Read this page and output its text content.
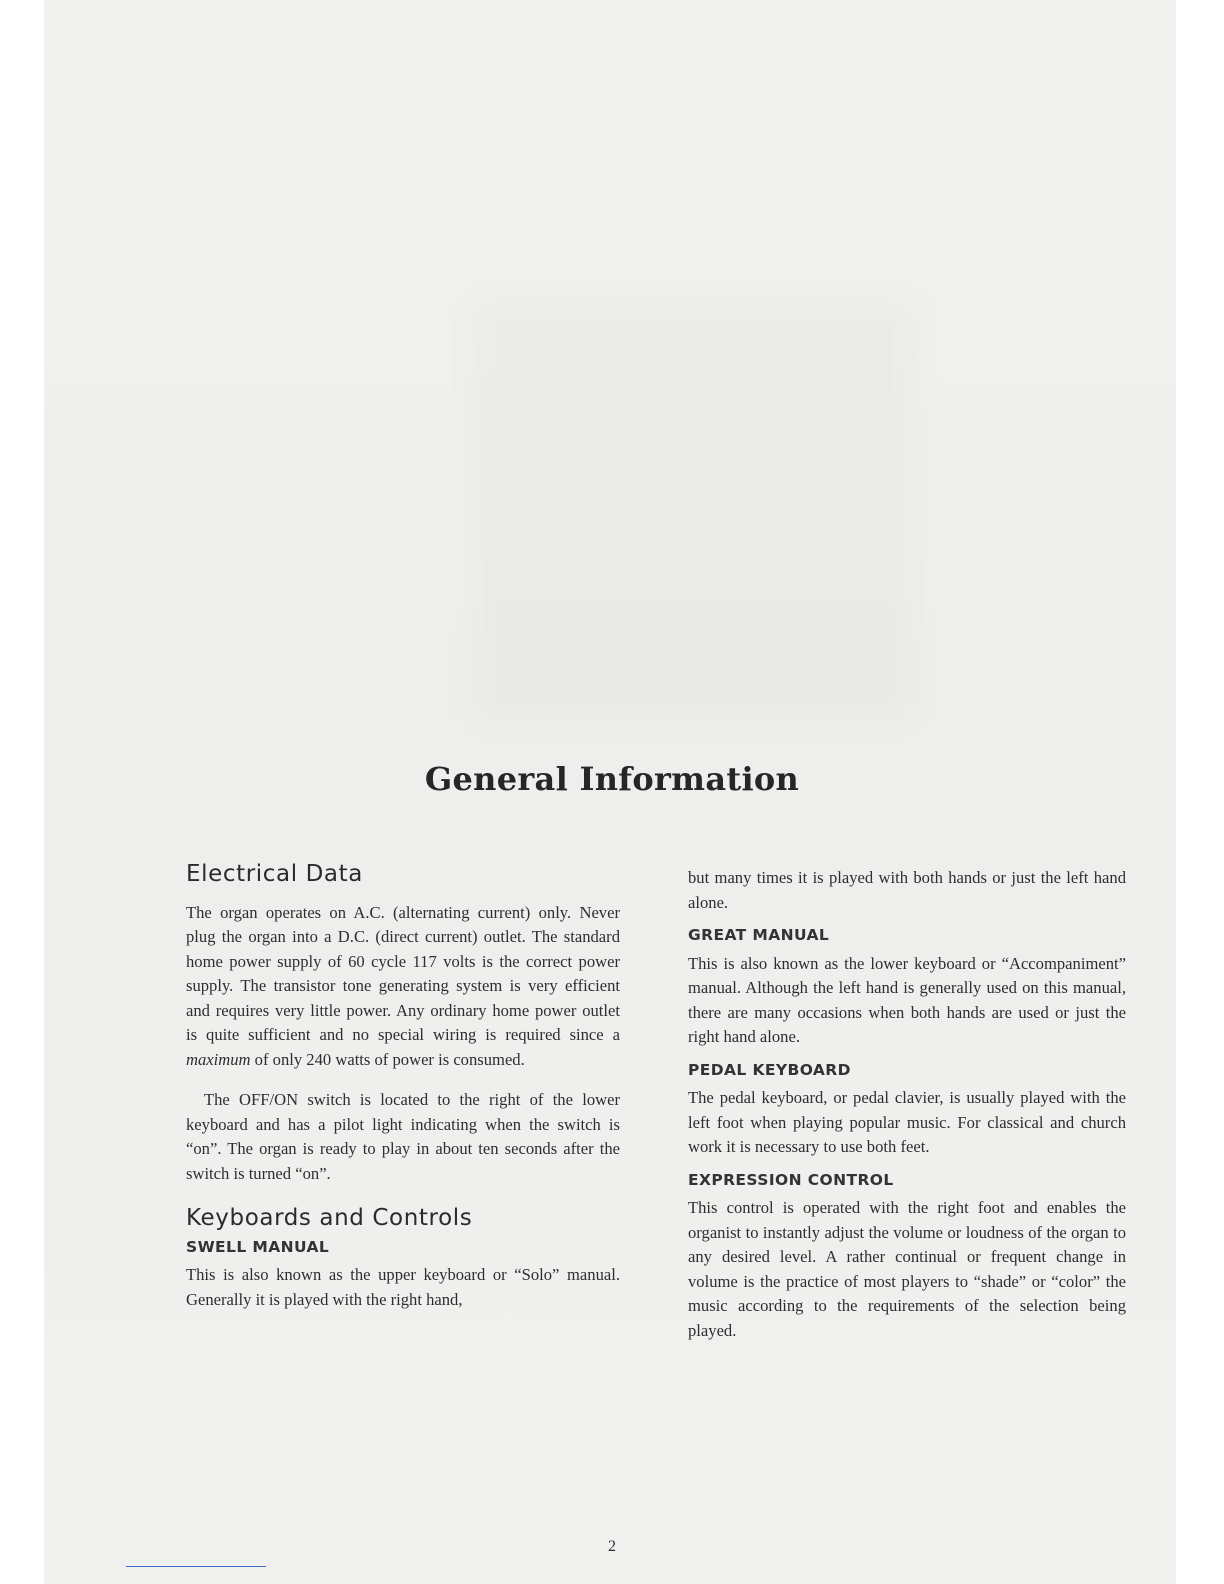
General Information
Electrical Data

The organ operates on A.C. (alternating current) only. Never plug the organ into a D.C. (direct current) outlet. The standard home power supply of 60 cycle 117 volts is the correct power supply. The transistor tone generating system is very efficient and requires very little power. Any ordinary home power outlet is quite sufficient and no special wiring is required since a maximum of only 240 watts of power is consumed.

The OFF/ON switch is located to the right of the lower keyboard and has a pilot light indicating when the switch is “on”. The organ is ready to play in about ten seconds after the switch is turned “on”.

Keyboards and Controls
SWELL MANUAL

This is also known as the upper keyboard or “Solo” manual. Generally it is played with the right hand,

but many times it is played with both hands or just the left hand alone.

GREAT MANUAL

This is also known as the lower keyboard or “Accompaniment” manual. Although the left hand is generally used on this manual, there are many occasions when both hands are used or just the right hand alone.

PEDAL KEYBOARD

The pedal keyboard, or pedal clavier, is usually played with the left foot when playing popular music. For classical and church work it is necessary to use both feet.

EXPRESSION CONTROL

This control is operated with the right foot and enables the organist to instantly adjust the volume or loudness of the organ to any desired level. A rather continual or frequent change in volume is the practice of most players to “shade” or “color” the music according to the requirements of the selection being played.

2
